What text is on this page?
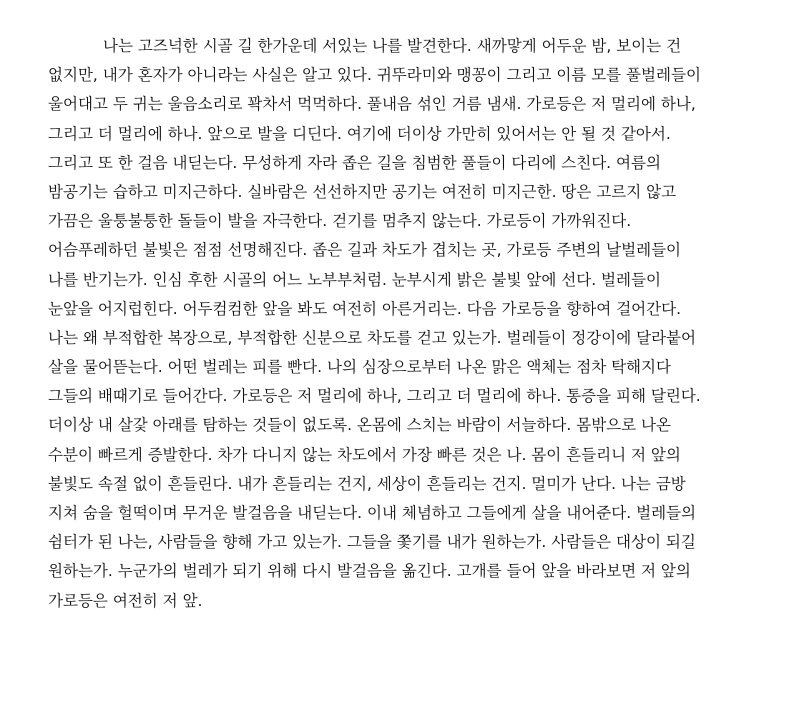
나는 고즈넉한 시골 길 한가운데 서있는 나를 발견한다. 새까맣게 어두운 밤, 보이는 건
없지만, 내가 혼자가 아니라는 사실은 알고 있다. 귀뚜라미와 맹꽁이 그리고 이름 모를 풀벌레들이
울어대고 두 귀는 울음소리로 꽉차서 먹먹하다. 풀내음 섞인 거름 냄새. 가로등은 저 멀리에 하나,
그리고 더 멀리에 하나. 앞으로 발을 디딘다. 여기에 더이상 가만히 있어서는 안 될 것 같아서.
그리고 또 한 걸음 내딛는다. 무성하게 자라 좁은 길을 침범한 풀들이 다리에 스친다. 여름의
밤공기는 습하고 미지근하다. 실바람은 선선하지만 공기는 여전히 미지근한. 땅은 고르지 않고
가끔은 울퉁불퉁한 돌들이 발을 자극한다. 걷기를 멈추지 않는다. 가로등이 가까워진다.
어슴푸레하던 불빛은 점점 선명해진다. 좁은 길과 차도가 겹치는 곳, 가로등 주변의 날벌레들이
나를 반기는가. 인심 후한 시골의 어느 노부부처럼. 눈부시게 밝은 불빛 앞에 선다. 벌레들이
눈앞을 어지럽힌다. 어두컴컴한 앞을 봐도 여전히 아른거리는. 다음 가로등을 향하여 걸어간다.
나는 왜 부적합한 복장으로, 부적합한 신분으로 차도를 걷고 있는가. 벌레들이 정강이에 달라붙어
살을 물어뜯는다. 어떤 벌레는 피를 빤다. 나의 심장으로부터 나온 맑은 액체는 점차 탁해지다
그들의 배때기로 들어간다. 가로등은 저 멀리에 하나, 그리고 더 멀리에 하나. 통증을 피해 달린다.
더이상 내 살갗 아래를 탐하는 것들이 없도록. 온몸에 스치는 바람이 서늘하다. 몸밖으로 나온
수분이 빠르게 증발한다. 차가 다니지 않는 차도에서 가장 빠른 것은 나. 몸이 흔들리니 저 앞의
불빛도 속절 없이 흔들린다. 내가 흔들리는 건지, 세상이 흔들리는 건지. 멀미가 난다. 나는 금방
지쳐 숨을 헐떡이며 무거운 발걸음을 내딛는다. 이내 체념하고 그들에게 살을 내어준다. 벌레들의
쉼터가 된 나는, 사람들을 향해 가고 있는가. 그들을 쫓기를 내가 원하는가. 사람들은 대상이 되길
원하는가. 누군가의 벌레가 되기 위해 다시 발걸음을 옮긴다. 고개를 들어 앞을 바라보면 저 앞의
가로등은 여전히 저 앞.
